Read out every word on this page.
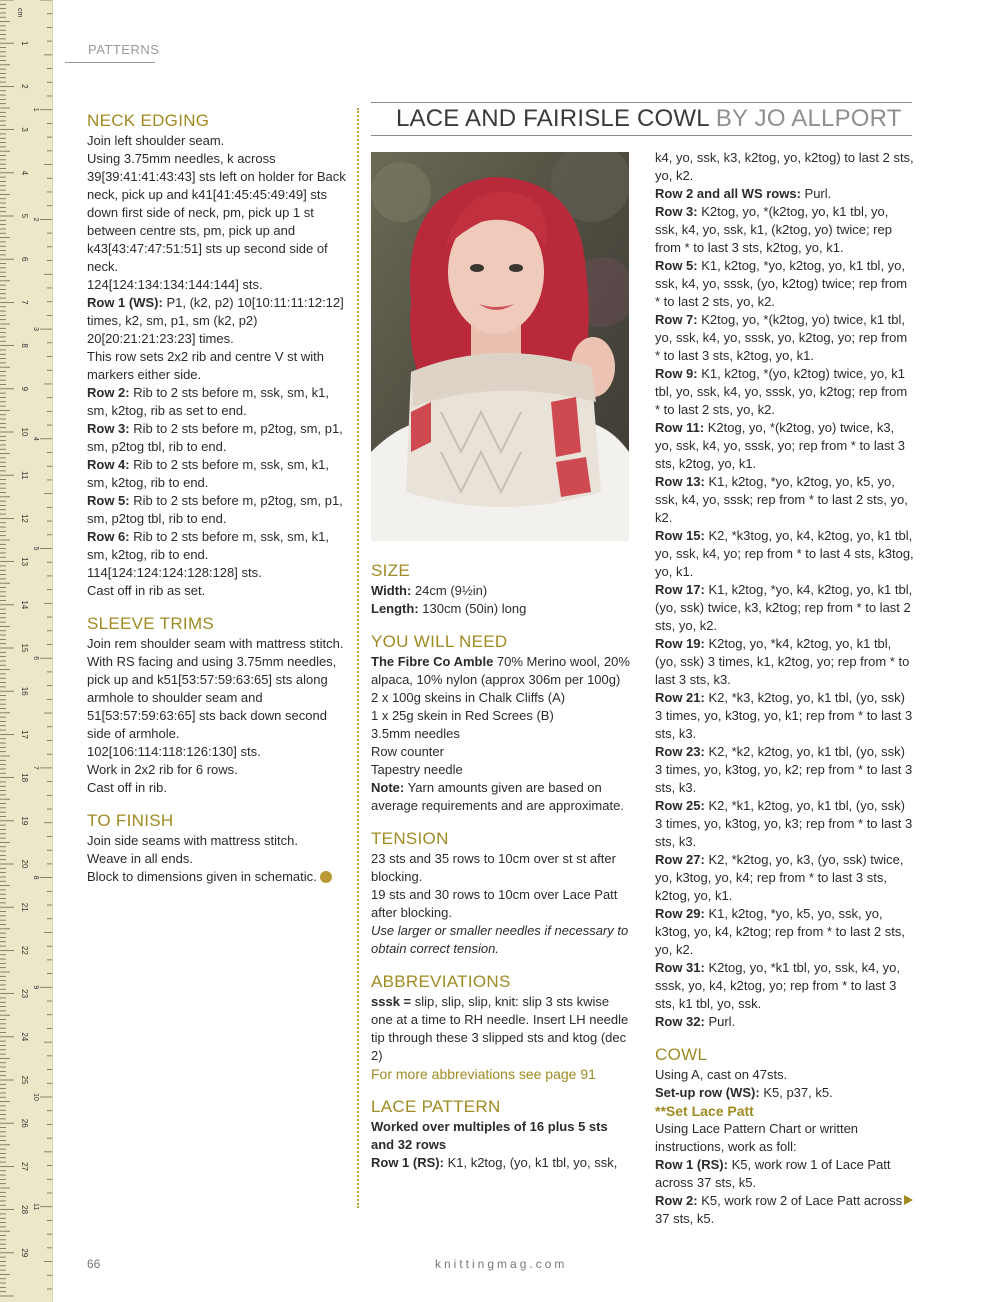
1
2
3
4
5
6
7
8
9
10
11
12
13
14
15
16
17
18
19
20
21
22
23
24
25
26
27
28
29
1
2
3
4
5
6
7
8
9
10
11
cm
PATTERNS
LACE AND FAIRISLE COWL BY JO ALLPORT
NECK EDGING

Join left shoulder seam.

Using 3.75mm needles, k across 39[39:41:41:43:43] sts left on holder for Back neck, pick up and k41[41:45:45:49:49] sts down first side of neck, pm, pick up 1 st between centre sts, pm, pick up and k43[43:47:47:51:51] sts up second side of neck.

124[124:134:134:144:144] sts.

Row 1 (WS): P1, (k2, p2) 10[10:11:11:12:12] times, k2, sm, p1, sm (k2, p2) 20[20:21:21:23:23] times.

This row sets 2x2 rib and centre V st with markers either side.

Row 2: Rib to 2 sts before m, ssk, sm, k1, sm, k2tog, rib as set to end.

Row 3: Rib to 2 sts before m, p2tog, sm, p1, sm, p2tog tbl, rib to end.

Row 4: Rib to 2 sts before m, ssk, sm, k1, sm, k2tog, rib to end.

Row 5: Rib to 2 sts before m, p2tog, sm, p1, sm, p2tog tbl, rib to end.

Row 6: Rib to 2 sts before m, ssk, sm, k1, sm, k2tog, rib to end.

114[124:124:124:128:128] sts.

Cast off in rib as set.

SLEEVE TRIMS

Join rem shoulder seam with mattress stitch.

With RS facing and using 3.75mm needles, pick up and k51[53:57:59:63:65] sts along armhole to shoulder seam and 51[53:57:59:63:65] sts back down second side of armhole.

102[106:114:118:126:130] sts.

Work in 2x2 rib for 6 rows.

Cast off in rib.

TO FINISH

Join side seams with mattress stitch.

Weave in all ends.

Block to dimensions given in schematic.

SIZE

Width: 24cm (9½in)

Length: 130cm (50in) long

YOU WILL NEED

The Fibre Co Amble 70% Merino wool, 20% alpaca, 10% nylon (approx 306m per 100g)

2 x 100g skeins in Chalk Cliffs (A)

1 x 25g skein in Red Screes (B)

3.5mm needles

Row counter

Tapestry needle

Note: Yarn amounts given are based on average requirements and are approximate.

TENSION

23 sts and 35 rows to 10cm over st st after blocking.

19 sts and 30 rows to 10cm over Lace Patt after blocking.

Use larger or smaller needles if necessary to obtain correct tension.

ABBREVIATIONS

sssk = slip, slip, slip, knit: slip 3 sts kwise one at a time to RH needle. Insert LH needle tip through these 3 slipped sts and ktog (dec 2)

For more abbreviations see page 91

LACE PATTERN

Worked over multiples of 16 plus 5 sts and 32 rows

Row 1 (RS): K1, k2tog, (yo, k1 tbl, yo, ssk,

k4, yo, ssk, k3, k2tog, yo, k2tog) to last 2 sts, yo, k2.

Row 2 and all WS rows: Purl.

Row 3: K2tog, yo, *(k2tog, yo, k1 tbl, yo, ssk, k4, yo, ssk, k1, (k2tog, yo) twice; rep from * to last 3 sts, k2tog, yo, k1.

Row 5: K1, k2tog, *yo, k2tog, yo, k1 tbl, yo, ssk, k4, yo, sssk, (yo, k2tog) twice; rep from * to last 2 sts, yo, k2.

Row 7: K2tog, yo, *(k2tog, yo) twice, k1 tbl, yo, ssk, k4, yo, sssk, yo, k2tog, yo; rep from * to last 3 sts, k2tog, yo, k1.

Row 9: K1, k2tog, *(yo, k2tog) twice, yo, k1 tbl, yo, ssk, k4, yo, sssk, yo, k2tog; rep from * to last 2 sts, yo, k2.

Row 11: K2tog, yo, *(k2tog, yo) twice, k3, yo, ssk, k4, yo, sssk, yo; rep from * to last 3 sts, k2tog, yo, k1.

Row 13: K1, k2tog, *yo, k2tog, yo, k5, yo, ssk, k4, yo, sssk; rep from * to last 2 sts, yo, k2.

Row 15: K2, *k3tog, yo, k4, k2tog, yo, k1 tbl, yo, ssk, k4, yo; rep from * to last 4 sts, k3tog, yo, k1.

Row 17: K1, k2tog, *yo, k4, k2tog, yo, k1 tbl, (yo, ssk) twice, k3, k2tog; rep from * to last 2 sts, yo, k2.

Row 19: K2tog, yo, *k4, k2tog, yo, k1 tbl, (yo, ssk) 3 times, k1, k2tog, yo; rep from * to last 3 sts, k3.

Row 21: K2, *k3, k2tog, yo, k1 tbl, (yo, ssk) 3 times, yo, k3tog, yo, k1; rep from * to last 3 sts, k3.

Row 23: K2, *k2, k2tog, yo, k1 tbl, (yo, ssk) 3 times, yo, k3tog, yo, k2; rep from * to last 3 sts, k3.

Row 25: K2, *k1, k2tog, yo, k1 tbl, (yo, ssk) 3 times, yo, k3tog, yo, k3; rep from * to last 3 sts, k3.

Row 27: K2, *k2tog, yo, k3, (yo, ssk) twice, yo, k3tog, yo, k4; rep from * to last 3 sts, k2tog, yo, k1.

Row 29: K1, k2tog, *yo, k5, yo, ssk, yo, k3tog, yo, k4, k2tog; rep from * to last 2 sts, yo, k2.

Row 31: K2tog, yo, *k1 tbl, yo, ssk, k4, yo, sssk, yo, k4, k2tog, yo; rep from * to last 3 sts, k1 tbl, yo, ssk.

Row 32: Purl.

COWL

Using A, cast on 47sts.

Set-up row (WS): K5, p37, k5.

**Set Lace Patt

Using Lace Pattern Chart or written instructions, work as foll:

Row 1 (RS): K5, work row 1 of Lace Patt across 37 sts, k5.

Row 2: K5, work row 2 of Lace Patt across 37 sts, k5.

66	knittingmag.com
